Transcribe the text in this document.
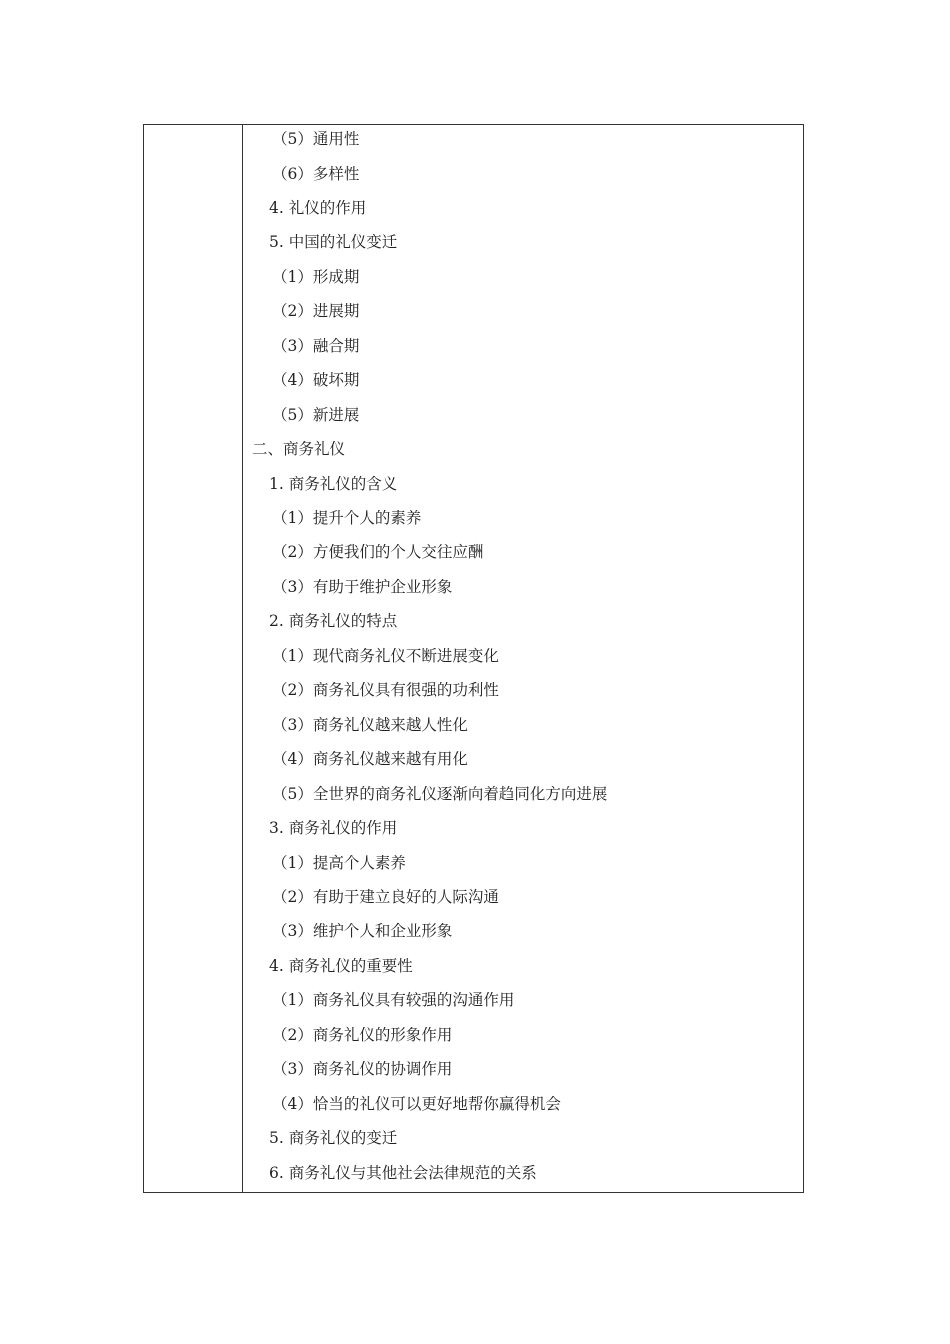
（5）通用性
（6）多样性
4. 礼仪的作用
5. 中国的礼仪变迁
（1）形成期
（2）进展期
（3）融合期
（4）破坏期
（5）新进展
二、商务礼仪
1. 商务礼仪的含义
（1）提升个人的素养
（2）方便我们的个人交往应酬
（3）有助于维护企业形象
2. 商务礼仪的特点
（1）现代商务礼仪不断进展变化
（2）商务礼仪具有很强的功利性
（3）商务礼仪越来越人性化
（4）商务礼仪越来越有用化
（5）全世界的商务礼仪逐渐向着趋同化方向进展
3. 商务礼仪的作用
（1）提高个人素养
（2）有助于建立良好的人际沟通
（3）维护个人和企业形象
4. 商务礼仪的重要性
（1）商务礼仪具有较强的沟通作用
（2）商务礼仪的形象作用
（3）商务礼仪的协调作用
（4）恰当的礼仪可以更好地帮你赢得机会
5. 商务礼仪的变迁
6. 商务礼仪与其他社会法律规范的关系
